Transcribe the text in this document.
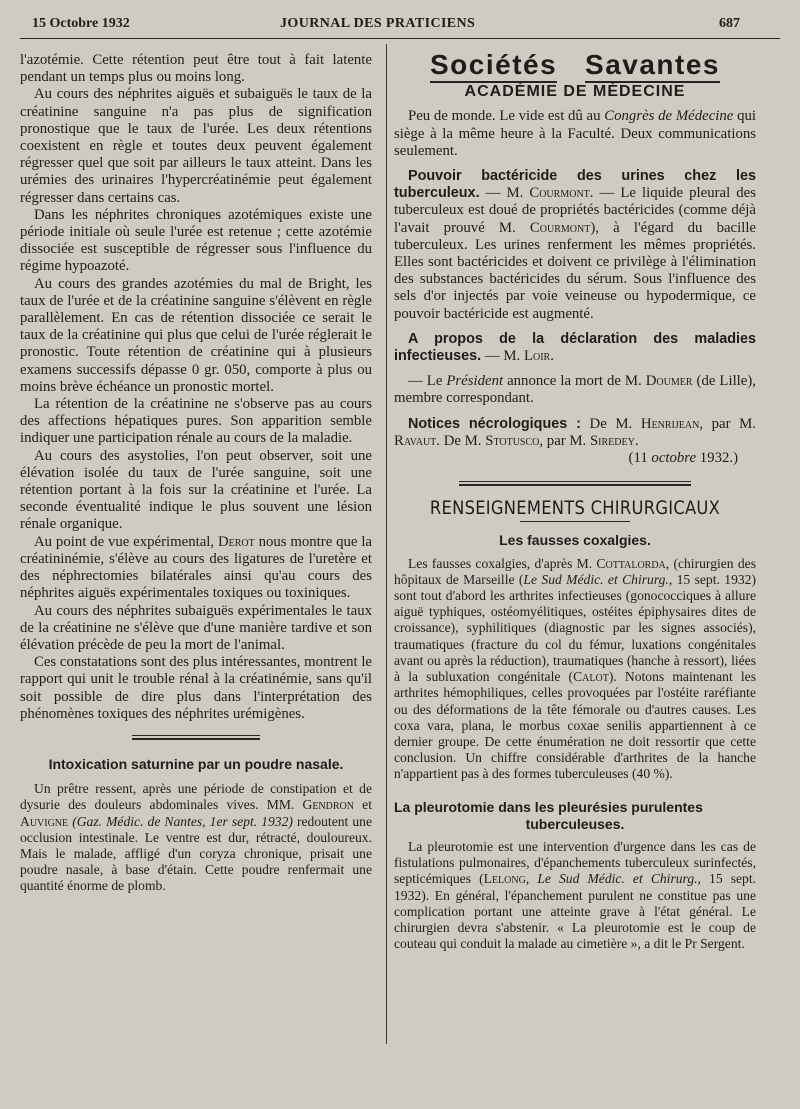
15 Octobre 1932	JOURNAL DES PRATICIENS	687

l'azotémie. Cette rétention peut être tout à fait latente pendant un temps plus ou moins long.

Au cours des néphrites aiguës et subaiguës le taux de la créatinine sanguine n'a pas plus de signification pronostique que le taux de l'urée. Les deux rétentions coexistent en règle et toutes deux peuvent également régresser quel que soit par ailleurs le taux atteint. Dans les urémies des urinaires l'hypercréatinémie peut également régresser dans certains cas.

Dans les néphrites chroniques azotémiques existe une période initiale où seule l'urée est retenue ; cette azotémie dissociée est susceptible de régresser sous l'influence du régime hypoazoté.

Au cours des grandes azotémies du mal de Bright, les taux de l'urée et de la créatinine sanguine s'élèvent en règle parallèlement. En cas de rétention dissociée ce serait le taux de la créatinine qui plus que celui de l'urée réglerait le pronostic. Toute rétention de créatinine qui à plusieurs examens successifs dépasse 0 gr. 050, comporte à plus ou moins brève échéance un pronostic mortel.

La rétention de la créatinine ne s'observe pas au cours des affections hépatiques pures. Son apparition semble indiquer une participation rénale au cours de la maladie.

Au cours des asystolies, l'on peut observer, soit une élévation isolée du taux de l'urée sanguine, soit une rétention portant à la fois sur la créatinine et l'urée. La seconde éventualité indique le plus souvent une lésion rénale organique.

Au point de vue expérimental, Derot nous montre que la créatininémie, s'élève au cours des ligatures de l'uretère et des néphrectomies bilatérales ainsi qu'au cours des néphrites aiguës expérimentales toxiques ou toxiniques.

Au cours des néphrites subaiguës expérimentales le taux de la créatinine ne s'élève que d'une manière tardive et son élévation précède de peu la mort de l'animal.

Ces constatations sont des plus intéressantes, montrent le rapport qui unit le trouble rénal à la créatinémie, sans qu'il soit possible de dire plus dans l'interprétation des phénomènes toxiques des néphrites urémigènes.

Intoxication saturnine par un poudre nasale.

Un prêtre ressent, après une période de constipation et de dysurie des douleurs abdominales vives. MM. Gendron et Auvigne (Gaz. Médic. de Nantes, 1er sept. 1932) redoutent une occlusion intestinale. Le ventre est dur, rétracté, douloureux. Mais le malade, affligé d'un coryza chronique, prisait une poudre nasale, à base d'étain. Cette poudre renfermait une quantité énorme de plomb.

Sociétés Savantes
ACADÉMIE DE MÉDECINE

Peu de monde. Le vide est dû au Congrès de Médecine qui siège à la même heure à la Faculté. Deux communications seulement.

Pouvoir bactéricide des urines chez les tuberculeux. — M. Courmont. — Le liquide pleural des tuberculeux est doué de propriétés bactéricides (comme déjà l'avait prouvé M. Courmont), à l'égard du bacille tuberculeux. Les urines renferment les mêmes propriétés. Elles sont bactéricides et doivent ce privilège à l'élimination des substances bactéricides du sérum. Sous l'influence des sels d'or injectés par voie veineuse ou hypodermique, ce pouvoir bactéricide est augmenté.

A propos de la déclaration des maladies infectieuses. — M. Loir.

— Le Président annonce la mort de M. Doumer (de Lille), membre correspondant.

Notices nécrologiques : De M. Henrijean, par M. Ravaut. De M. Stotusco, par M. Siredey.

(11 octobre 1932.)
RENSEIGNEMENTS CHIRURGICAUX
Les fausses coxalgies.

Les fausses coxalgies, d'après M. Cottalorda, (chirurgien des hôpitaux de Marseille (Le Sud Médic. et Chirurg., 15 sept. 1932) sont tout d'abord les arthrites infectieuses (gonococciques à allure aiguë typhiques, ostéomyélitiques, ostéites épiphysaires dites de croissance), syphilitiques (diagnostic par les signes associés), traumatiques (fracture du col du fémur, luxations congénitales avant ou après la réduction), traumatiques (hanche à ressort), liées à la subluxation congénitale (Calot). Notons maintenant les arthrites hémophiliques, celles provoquées par l'ostéite raréfiante ou des déformations de la tête fémorale ou d'autres causes. Les coxa vara, plana, le morbus coxae senilis appartiennent à ce dernier groupe. De cette énumération ne doit ressortir que cette conclusion. Un chiffre considérable d'arthrites de la hanche n'appartient pas à des formes tuberculeuses (40 %).

La pleurotomie dans les pleurésies purulentes
tuberculeuses.

La pleurotomie est une intervention d'urgence dans les cas de fistulations pulmonaires, d'épanchements tuberculeux surinfectés, septicémiques (Lelong, Le Sud Médic. et Chirurg., 15 sept. 1932). En général, l'épanchement purulent ne constitue pas une complication portant une atteinte grave à l'état général. Le chirurgien devra s'abstenir. « La pleurotomie est le coup de couteau qui conduit la malade au cimetière », a dit le Pr Sergent.
